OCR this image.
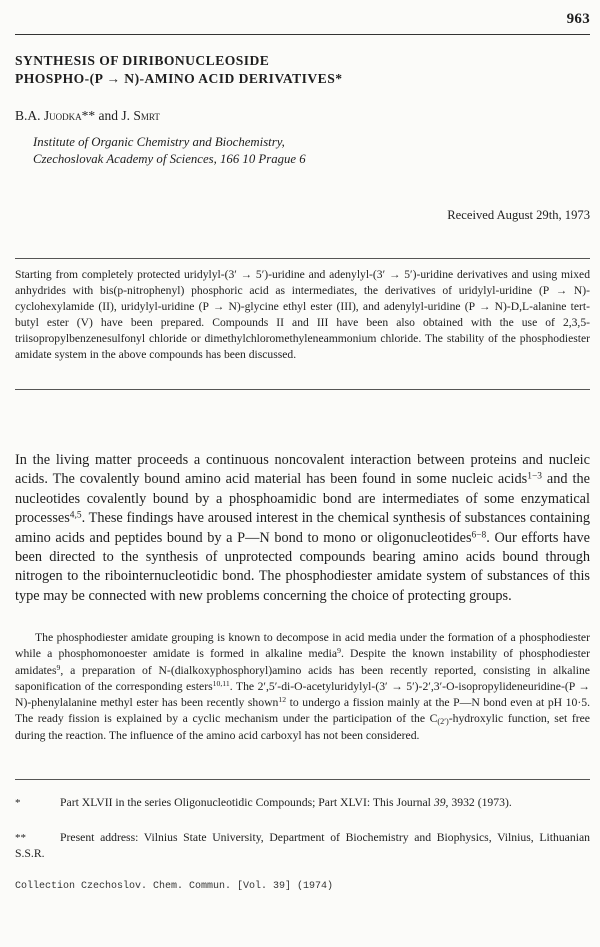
963
SYNTHESIS OF DIRIBONUCLEOSIDE
PHOSPHO-(P → N)-AMINO ACID DERIVATIVES*
B.A. Juodka** and J. Smrt
Institute of Organic Chemistry and Biochemistry,
Czechoslovak Academy of Sciences, 166 10 Prague 6
Received August 29th, 1973

Starting from completely protected uridylyl-(3′ → 5′)-uridine and adenylyl-(3′ → 5′)-uridine derivatives and using mixed anhydrides with bis(p-nitrophenyl) phosphoric acid as intermediates, the derivatives of uridylyl-uridine (P → N)-cyclohexylamide (II), uridylyl-uridine (P → N)-glycine ethyl ester (III), and adenylyl-uridine (P → N)-D,L-alanine tert-butyl ester (V) have been prepared. Compounds II and III have been also obtained with the use of 2,3,5-triisopropylbenzenesulfonyl chloride or dimethylchloromethyleneammonium chloride. The stability of the phosphodiester amidate system in the above compounds has been discussed.

In the living matter proceeds a continuous noncovalent interaction between proteins and nucleic acids. The covalently bound amino acid material has been found in some nucleic acids$^{1-3}$ and the nucleotides covalently bound by a phosphoamidic bond are intermediates of some enzymatical processes$^{4,5}$. These findings have aroused interest in the chemical synthesis of substances containing amino acids and peptides bound by a P—N bond to mono or oligonucleotides$^{6-8}$. Our efforts have been directed to the synthesis of unprotected compounds bearing amino acids bound through nitrogen to the ribointernucleotidic bond. The phosphodiester amidate system of substances of this type may be connected with new problems concerning the choice of protecting groups.

The phosphodiester amidate grouping is known to decompose in acid media under the formation of a phosphodiester while a phosphomonoester amidate is formed in alkaline media$^9$. Despite the known instability of phosphodiester amidates$^9$, a preparation of N-(dialkoxyphosphoryl)amino acids has been recently reported, consisting in alkaline saponification of the corresponding esters$^{10,11}$. The 2′,5′-di-O-acetyluridylyl-(3′ → 5′)-2′,3′-O-isopropylideneuridine-(P → N)-phenylalanine methyl ester has been recently shown$^{12}$ to undergo a fission mainly at the P—N bond even at pH 10·5. The ready fission is explained by a cyclic mechanism under the participation of the $C_{(2')}$-hydroxylic function, set free during the reaction. The influence of the amino acid carboxyl has not been considered.

*	Part XLVII in the series Oligonucleotidic Compounds; Part XLVI: This Journal 39, 3932 (1973).

**	Present address: Vilnius State University, Department of Biochemistry and Biophysics, Vilnius, Lithuanian S.S.R.

Collection Czechoslov. Chem. Commun. [Vol. 39] (1974)
